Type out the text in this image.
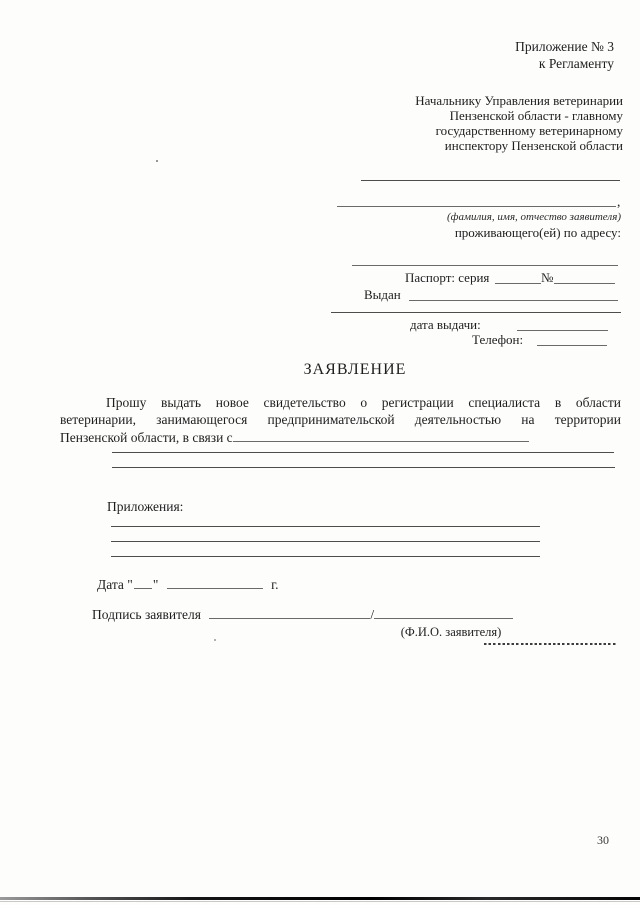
Приложение № 3
к Регламенту
Начальнику Управления ветеринарии
Пензенской области - главному
государственному ветеринарному
инспектору Пензенской области
,
(фамилия, имя, отчество заявителя)
проживающего(ей) по адресу:
Паспорт: серия	№
Выдан
дата выдачи:
Телефон:
ЗАЯВЛЕНИЕ
Прошу выдать новое свидетельство о регистрации специалиста в области
ветеринарии, занимающегося предпринимательской деятельностью на территории
Пензенской области, в связи с
Приложения:
Дата " "	г.
Подпись заявителя	/
(Ф.И.О. заявителя)
30
